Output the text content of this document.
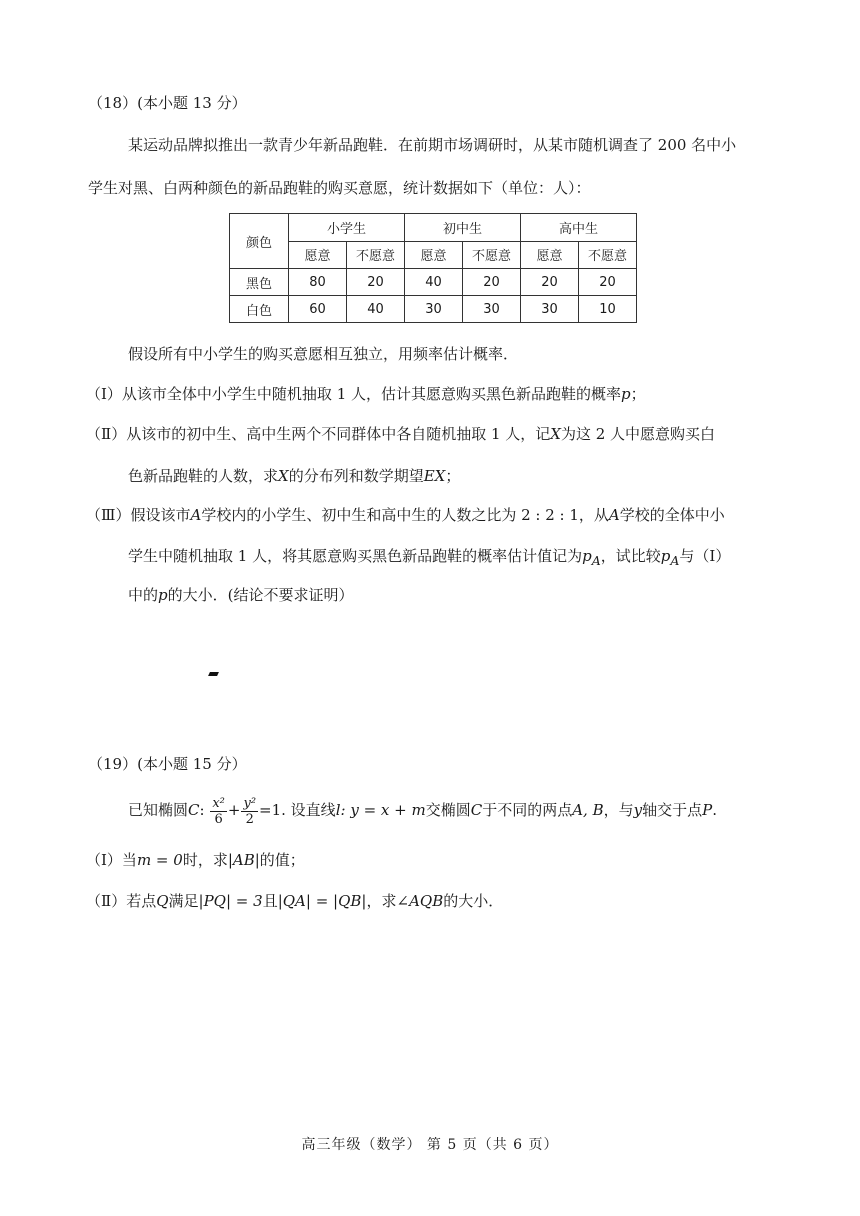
（18）(本小题 13 分）
某运动品牌拟推出一款青少年新品跑鞋．在前期市场调研时，从某市随机调查了 200 名中小
学生对黑、白两种颜色的新品跑鞋的购买意愿，统计数据如下（单位：人）：
颜色	小学生		初中生		高中生	
	愿意	不愿意	愿意	不愿意	愿意	不愿意
黑色	80	20	40	20	20	20
白色	60	40	30	30	30	10
假设所有中小学生的购买意愿相互独立，用频率估计概率．
（Ⅰ）从该市全体中小学生中随机抽取 1 人，估计其愿意购买黑色新品跑鞋的概率p；
（Ⅱ）从该市的初中生、高中生两个不同群体中各自随机抽取 1 人，记X为这 2 人中愿意购买白
色新品跑鞋的人数，求X的分布列和数学期望EX；
（Ⅲ）假设该市A学校内的小学生、初中生和高中生的人数之比为 2 : 2 : 1，从A学校的全体中小
学生中随机抽取 1 人，将其愿意购买黑色新品跑鞋的概率估计值记为$p_A$，试比较$p_A$与（Ⅰ）
中的p的大小．(结论不要求证明）
（19）(本小题 15 分）
已知椭圆C: $\frac{\text{x²}}{6} + \frac{\text{y²}}{2} =1$. 设直线l: y = x + m交椭圆C于不同的两点A, B，与y轴交于点P.
（Ⅰ）当m = 0时，求|AB|的值；
（Ⅱ）若点Q满足|PQ| = 3且|QA| = |QB|，求∠AQB的大小．
高三年级（数学） 第 5 页（共 6 页）
